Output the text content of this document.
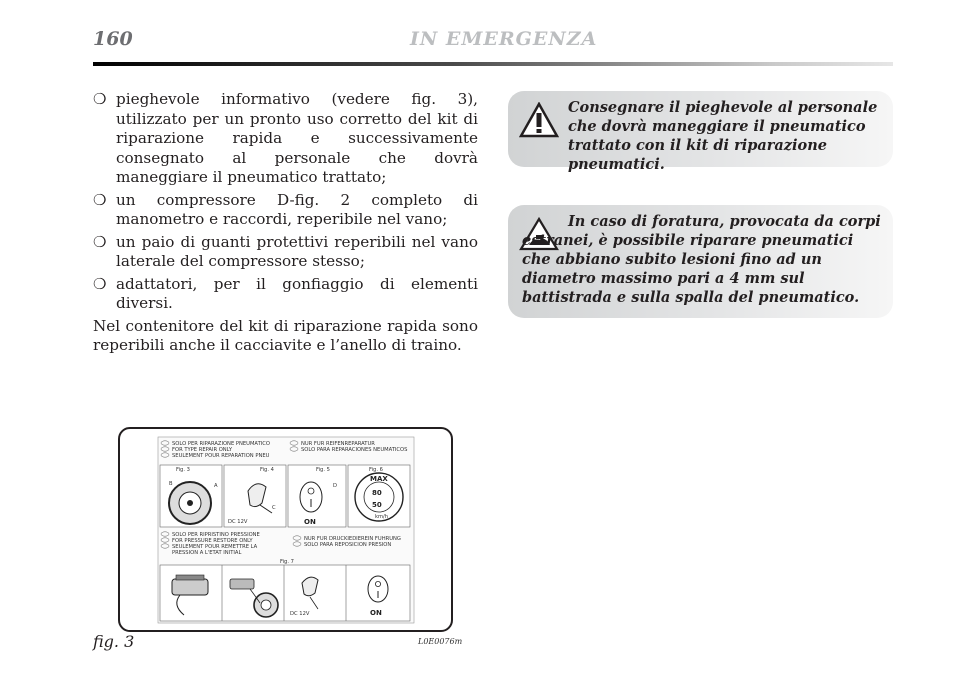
160	IN EMERGENZA
❍ pieghevole informativo (vedere fig. 3), utilizzato per un pronto uso corretto del kit di riparazione rapida e successivamente consegnato al personale che dovrà maneggiare il pneumatico trattato;
❍ un compressore D-fig. 2 completo di manometro e raccordi, reperibile nel vano;
❍ un paio di guanti protettivi reperibili nel vano laterale del compressore stesso;
❍ adattatori, per il gonfiaggio di elementi diversi.
Nel contenitore del kit di riparazione rapida sono reperibili anche il cacciavite e l’anello di traino.
Consegnare il pieghevole al personale che dovrà maneggiare il pneumatico trattato con il kit di riparazione pneumatici.
In caso di foratura, provocata da corpi estranei, è possibile riparare pneumatici che abbiano subito lesioni fino ad un diametro massimo pari a 4 mm sul battistrada e sulla spalla del pneumatico.
SOLO PER RIPARAZIONE PNEUMATICO
FOR TYPE REPAIR ONLY
SEULEMENT POUR REPARATION PNEU
NUR FUR REIFENREPARATUR
SOLO PARA REPARACIONES NEUMATICOS
Fig. 3	Fig. 4	Fig. 5	Fig. 6
B	A
C
DC 12V
D
ON
MAX
80
50
km/h
SOLO PER RIPRISTINO PRESSIONE
FOR PRESSURE RESTORE ONLY
SEULEMENT POUR REMETTRE LA
PRESSION A L'ETAT INITIAL
NUR FUR DRUCKIEDIEREIN FUHRUNG
SOLO PARA REPOSICION PRESION
Fig. 7
DC 12V	ON
fig. 3	L0E0076m
